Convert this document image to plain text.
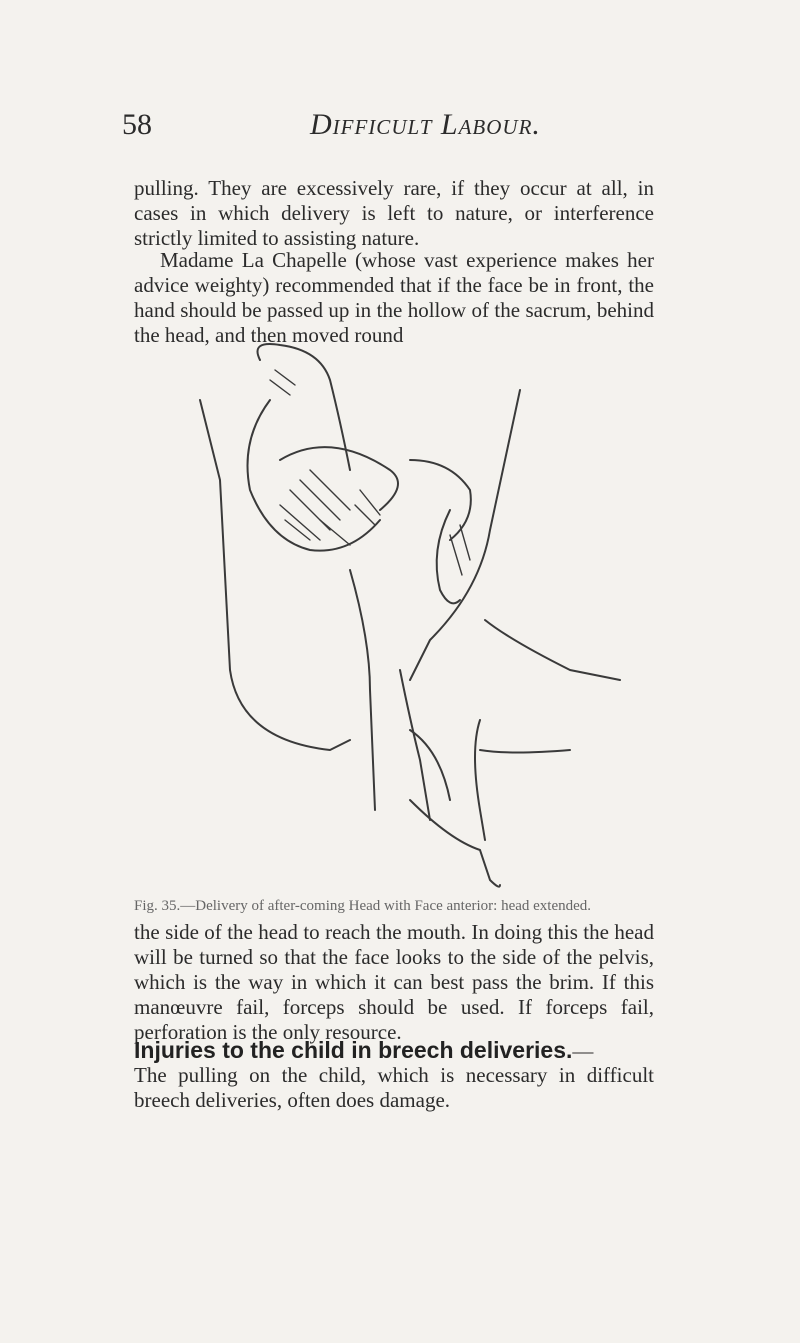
58	Difficult Labour.

pulling. They are excessively rare, if they occur at all, in cases in which delivery is left to nature, or interference strictly limited to assisting nature.

Madame La Chapelle (whose vast experience makes her advice weighty) recommended that if the face be in front, the hand should be passed up in the hollow of the sacrum, behind the head, and then moved round

Fig. 35.—Delivery of after-coming Head with Face anterior: head extended.

the side of the head to reach the mouth. In doing this the head will be turned so that the face looks to the side of the pelvis, which is the way in which it can best pass the brim. If this manœuvre fail, forceps should be used. If forceps fail, perforation is the only resource.

Injuries to the child in breech deliveries.—

The pulling on the child, which is necessary in difficult breech deliveries, often does damage.
